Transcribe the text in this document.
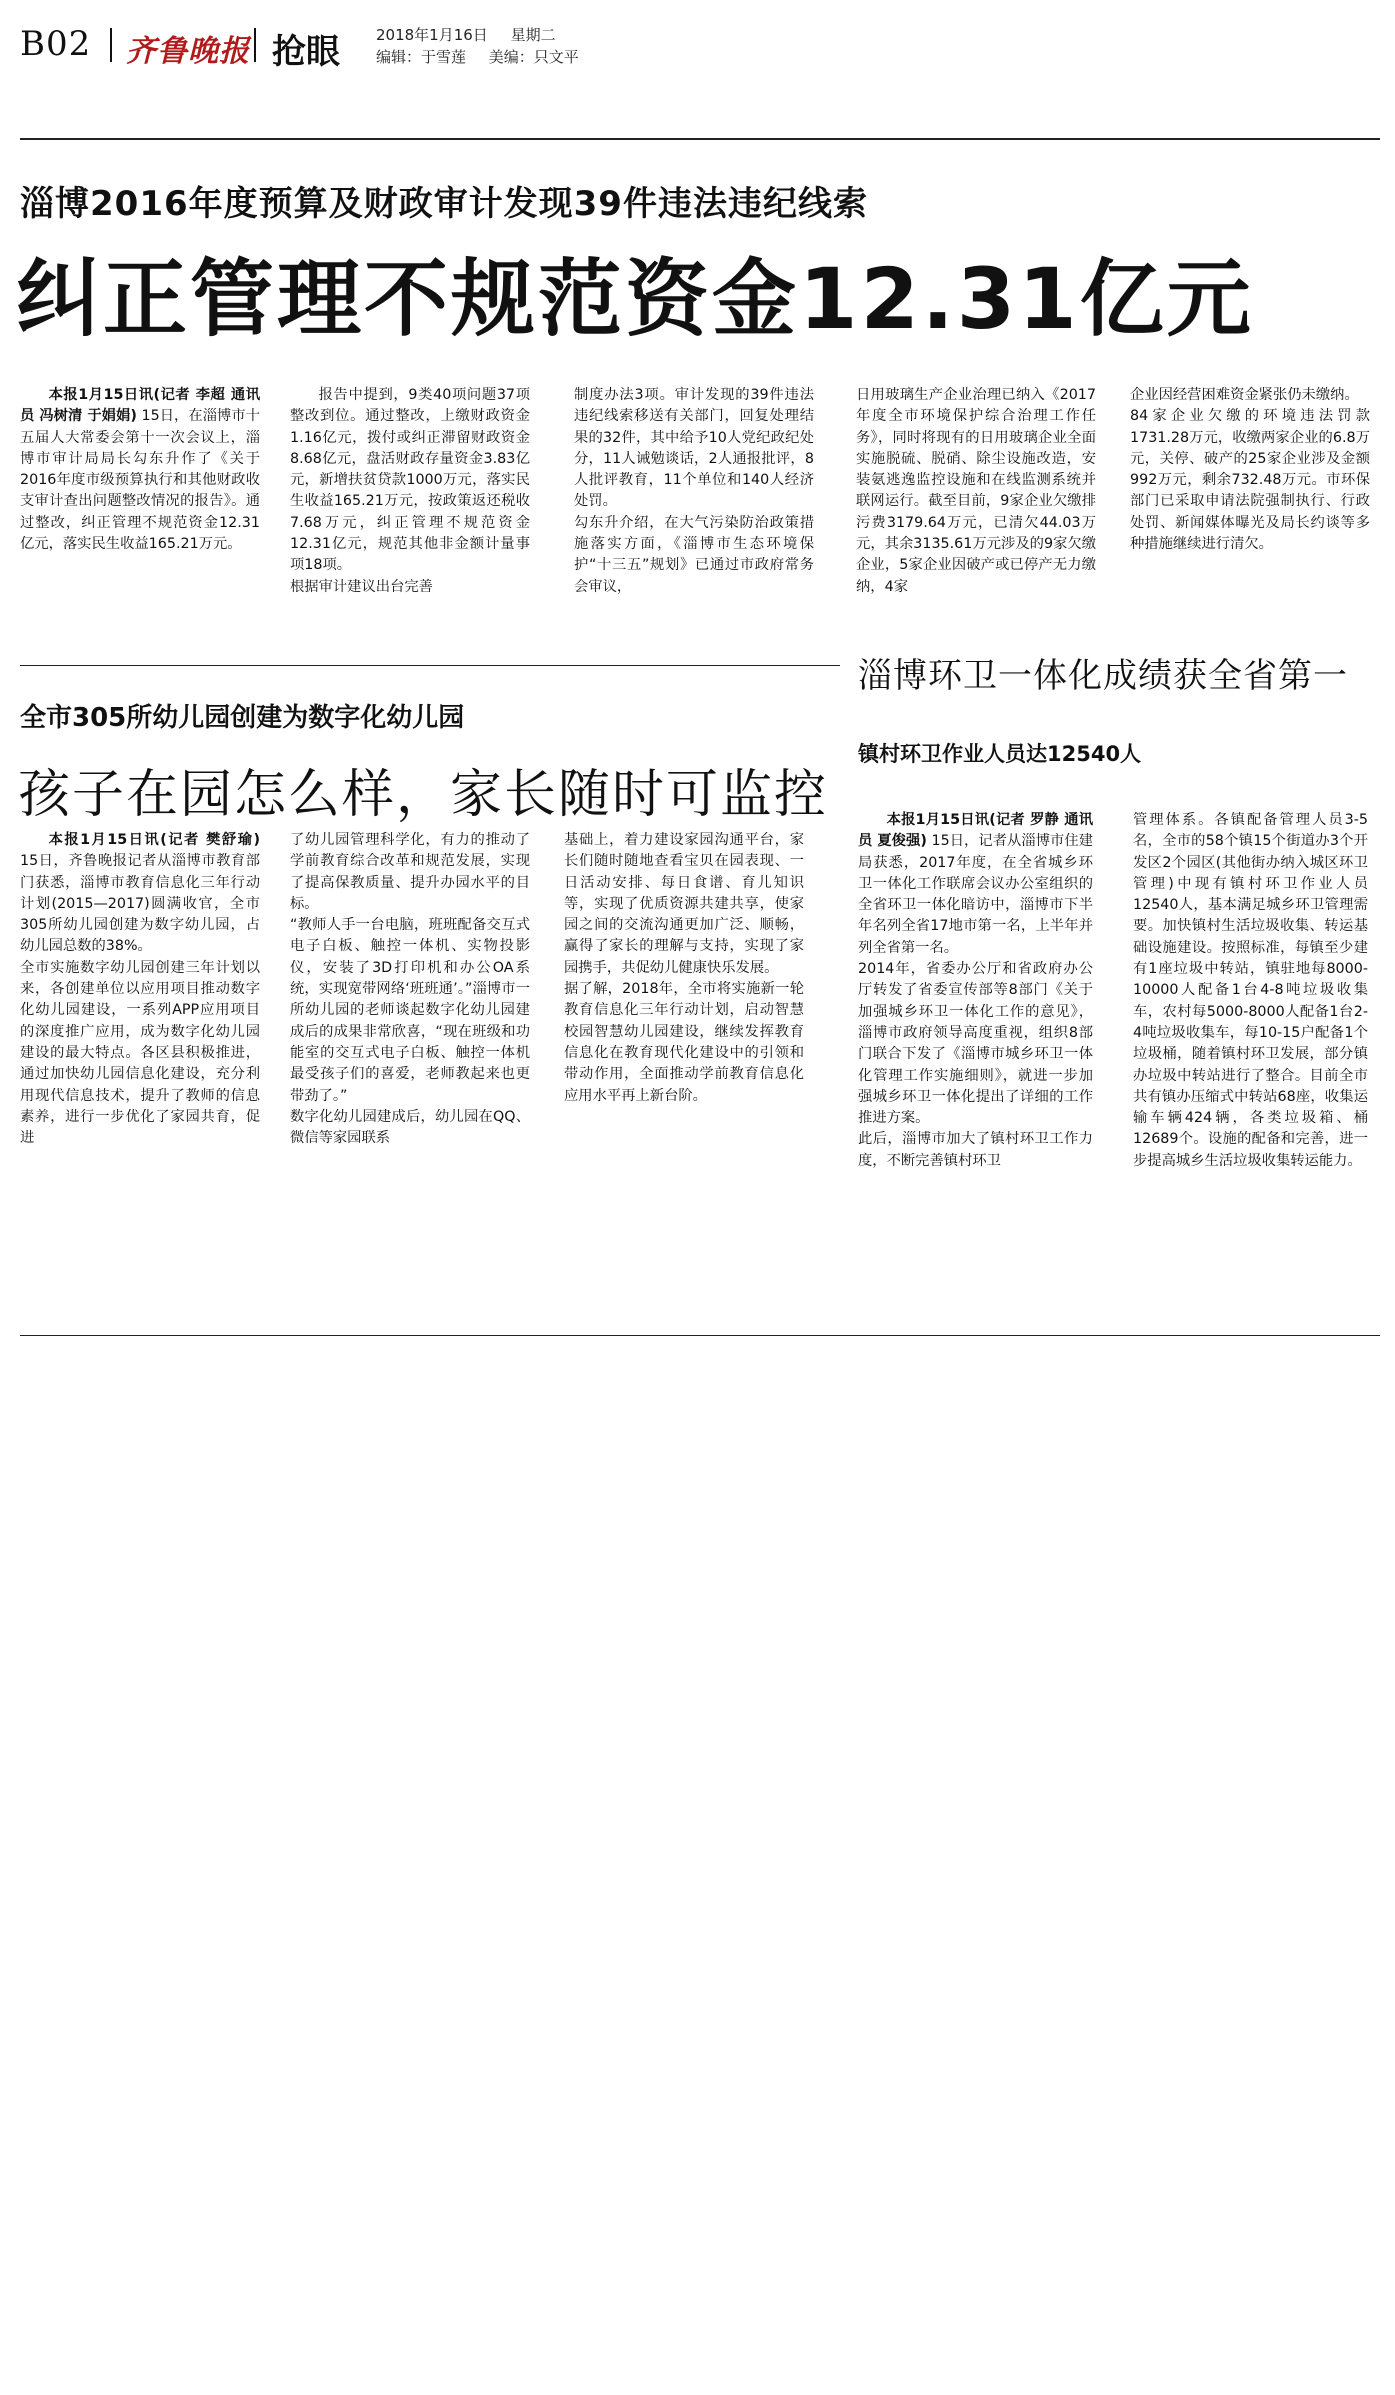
B02 齐鲁晚报 抢眼 2018年1月16日 星期二
编辑：于雪莲 美编：只文平
淄博2016年度预算及财政审计发现39件违法违纪线索
纠正管理不规范资金12.31亿元

本报1月15日讯(记者 李超 通讯员 冯树清 于娟娟) 15日，在淄博市十五届人大常委会第十一次会议上，淄博市审计局局长勾东升作了《关于2016年度市级预算执行和其他财政收支审计查出问题整改情况的报告》。通过整改，纠正管理不规范资金12.31亿元，落实民生收益165.21万元。

报告中提到，9类40项问题37项整改到位。通过整改，上缴财政资金1.16亿元，拨付或纠正滞留财政资金8.68亿元，盘活财政存量资金3.83亿元，新增扶贫贷款1000万元，落实民生收益165.21万元，按政策返还税收7.68万元，纠正管理不规范资金12.31亿元，规范其他非金额计量事项18项。
根据审计建议出台完善

制度办法3项。审计发现的39件违法违纪线索移送有关部门，回复处理结果的32件，其中给予10人党纪政纪处分，11人诫勉谈话，2人通报批评，8人批评教育，11个单位和140人经济处罚。
勾东升介绍，在大气污染防治政策措施落实方面，《淄博市生态环境保护“十三五”规划》已通过市政府常务会审议，

日用玻璃生产企业治理已纳入《2017年度全市环境保护综合治理工作任务》，同时将现有的日用玻璃企业全面实施脱硫、脱硝、除尘设施改造，安装氨逃逸监控设施和在线监测系统并联网运行。截至目前，9家企业欠缴排污费3179.64万元，已清欠44.03万元，其余3135.61万元涉及的9家欠缴企业，5家企业因破产或已停产无力缴纳，4家

企业因经营困难资金紧张仍未缴纳。
84家企业欠缴的环境违法罚款1731.28万元，收缴两家企业的6.8万元，关停、破产的25家企业涉及金额992万元，剩余732.48万元。市环保部门已采取申请法院强制执行、行政处罚、新闻媒体曝光及局长约谈等多种措施继续进行清欠。

全市305所幼儿园创建为数字化幼儿园
孩子在园怎么样，家长随时可监控

本报1月15日讯(记者 樊舒瑜) 15日，齐鲁晚报记者从淄博市教育部门获悉，淄博市教育信息化三年行动计划(2015—2017)圆满收官，全市305所幼儿园创建为数字幼儿园，占幼儿园总数的38%。
全市实施数字幼儿园创建三年计划以来，各创建单位以应用项目推动数字化幼儿园建设，一系列APP应用项目的深度推广应用，成为数字化幼儿园建设的最大特点。各区县积极推进，通过加快幼儿园信息化建设，充分利用现代信息技术，提升了教师的信息素养，进行一步优化了家园共育，促进

了幼儿园管理科学化，有力的推动了学前教育综合改革和规范发展，实现了提高保教质量、提升办园水平的目标。
“教师人手一台电脑，班班配备交互式电子白板、触控一体机、实物投影仪，安装了3D打印机和办公OA系统，实现宽带网络‘班班通’。”淄博市一所幼儿园的老师谈起数字化幼儿园建成后的成果非常欣喜，“现在班级和功能室的交互式电子白板、触控一体机最受孩子们的喜爱，老师教起来也更带劲了。”
数字化幼儿园建成后，幼儿园在QQ、微信等家园联系

基础上，着力建设家园沟通平台，家长们随时随地查看宝贝在园表现、一日活动安排、每日食谱、育儿知识等，实现了优质资源共建共享，使家园之间的交流沟通更加广泛、顺畅，赢得了家长的理解与支持，实现了家园携手，共促幼儿健康快乐发展。
据了解，2018年，全市将实施新一轮教育信息化三年行动计划，启动智慧校园智慧幼儿园建设，继续发挥教育信息化在教育现代化建设中的引领和带动作用，全面推动学前教育信息化应用水平再上新台阶。

淄博环卫一体化成绩获全省第一
镇村环卫作业人员达12540人

本报1月15日讯(记者 罗静 通讯员 夏俊强) 15日，记者从淄博市住建局获悉，2017年度，在全省城乡环卫一体化工作联席会议办公室组织的全省环卫一体化暗访中，淄博市下半年名列全省17地市第一名，上半年并列全省第一名。
2014年，省委办公厅和省政府办公厅转发了省委宣传部等8部门《关于加强城乡环卫一体化工作的意见》，淄博市政府领导高度重视，组织8部门联合下发了《淄博市城乡环卫一体化管理工作实施细则》，就进一步加强城乡环卫一体化提出了详细的工作推进方案。
此后，淄博市加大了镇村环卫工作力度，不断完善镇村环卫

管理体系。各镇配备管理人员3-5名，全市的58个镇15个街道办3个开发区2个园区(其他街办纳入城区环卫管理)中现有镇村环卫作业人员12540人，基本满足城乡环卫管理需要。加快镇村生活垃圾收集、转运基础设施建设。按照标准，每镇至少建有1座垃圾中转站，镇驻地每8000-10000人配备1台4-8吨垃圾收集车，农村每5000-8000人配备1台2-4吨垃圾收集车，每10-15户配备1个垃圾桶，随着镇村环卫发展，部分镇办垃圾中转站进行了整合。目前全市共有镇办压缩式中转站68座，收集运输车辆424辆，各类垃圾箱、桶12689个。设施的配备和完善，进一步提高城乡生活垃圾收集转运能力。
